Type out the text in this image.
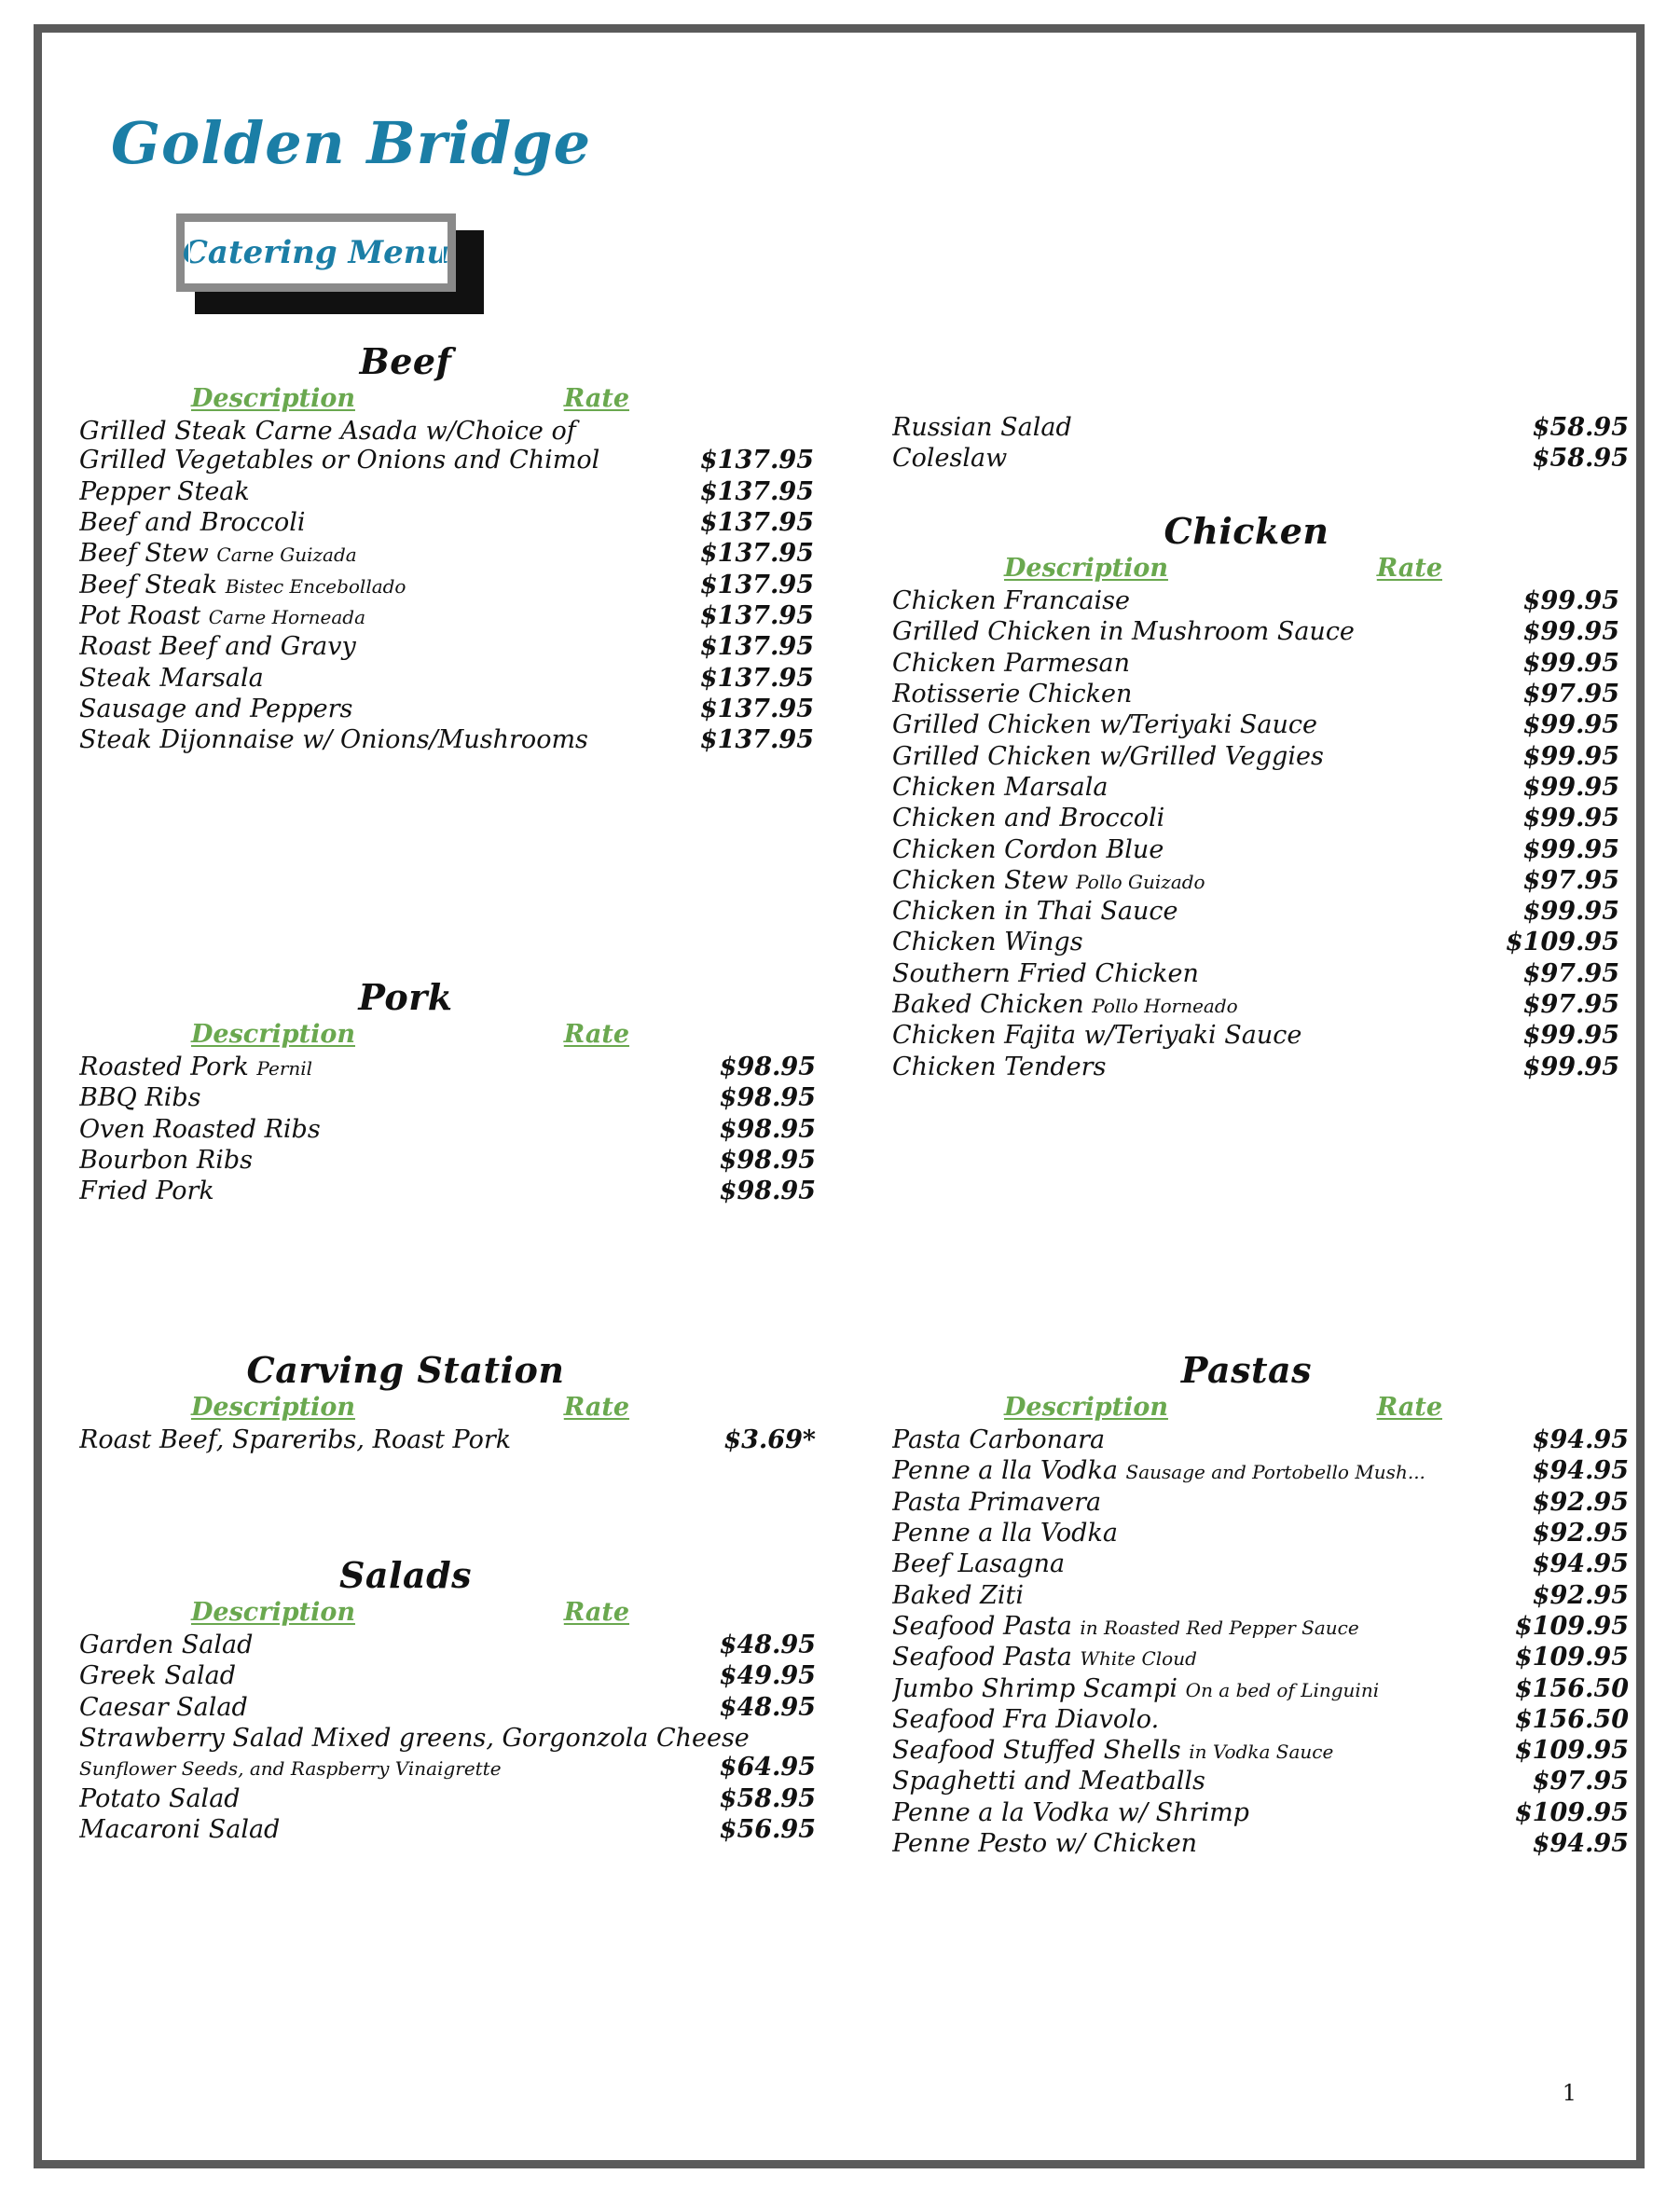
Golden Bridge
Catering Menu
Beef
Description	Rate
Grilled Steak Carne Asada w/Choice of
Grilled Vegetables or Onions and Chimol	$137.95
Pepper Steak	$137.95
Beef and Broccoli	$137.95
Beef Stew Carne Guizada	$137.95
Beef Steak Bistec Encebollado	$137.95
Pot Roast Carne Horneada	$137.95
Roast Beef and Gravy	$137.95
Steak Marsala	$137.95
Sausage and Peppers	$137.95
Steak Dijonnaise w/ Onions/Mushrooms	$137.95
Pork
Description	Rate
Roasted Pork Pernil	$98.95
BBQ Ribs	$98.95
Oven Roasted Ribs	$98.95
Bourbon Ribs	$98.95
Fried Pork	$98.95
Carving Station
Description	Rate
Roast Beef, Spareribs, Roast Pork	$3.69*
Salads
Description	Rate
Garden Salad	$48.95
Greek Salad	$49.95
Caesar Salad	$48.95
Strawberry Salad Mixed greens, Gorgonzola Cheese
Sunflower Seeds, and Raspberry Vinaigrette	$64.95
Potato Salad	$58.95
Macaroni Salad	$56.95
Russian Salad	$58.95
Coleslaw	$58.95
Chicken
Description	Rate
Chicken Francaise	$99.95
Grilled Chicken in Mushroom Sauce	$99.95
Chicken Parmesan	$99.95
Rotisserie Chicken	$97.95
Grilled Chicken w/Teriyaki Sauce	$99.95
Grilled Chicken w/Grilled Veggies	$99.95
Chicken Marsala	$99.95
Chicken and Broccoli	$99.95
Chicken Cordon Blue	$99.95
Chicken Stew Pollo Guizado	$97.95
Chicken in Thai Sauce	$99.95
Chicken Wings	$109.95
Southern Fried Chicken	$97.95
Baked Chicken Pollo Horneado	$97.95
Chicken Fajita w/Teriyaki Sauce	$99.95
Chicken Tenders	$99.95
Pastas
Description	Rate
Pasta Carbonara	$94.95
Penne a lla Vodka Sausage and Portobello Mush...	$94.95
Pasta Primavera	$92.95
Penne a lla Vodka	$92.95
Beef Lasagna	$94.95
Baked Ziti	$92.95
Seafood Pasta in Roasted Red Pepper Sauce	$109.95
Seafood Pasta White Cloud	$109.95
Jumbo Shrimp Scampi On a bed of Linguini	$156.50
Seafood Fra Diavolo.	$156.50
Seafood Stuffed Shells in Vodka Sauce	$109.95
Spaghetti and Meatballs	$97.95
Penne a la Vodka w/ Shrimp	$109.95
Penne Pesto w/ Chicken	$94.95
1
